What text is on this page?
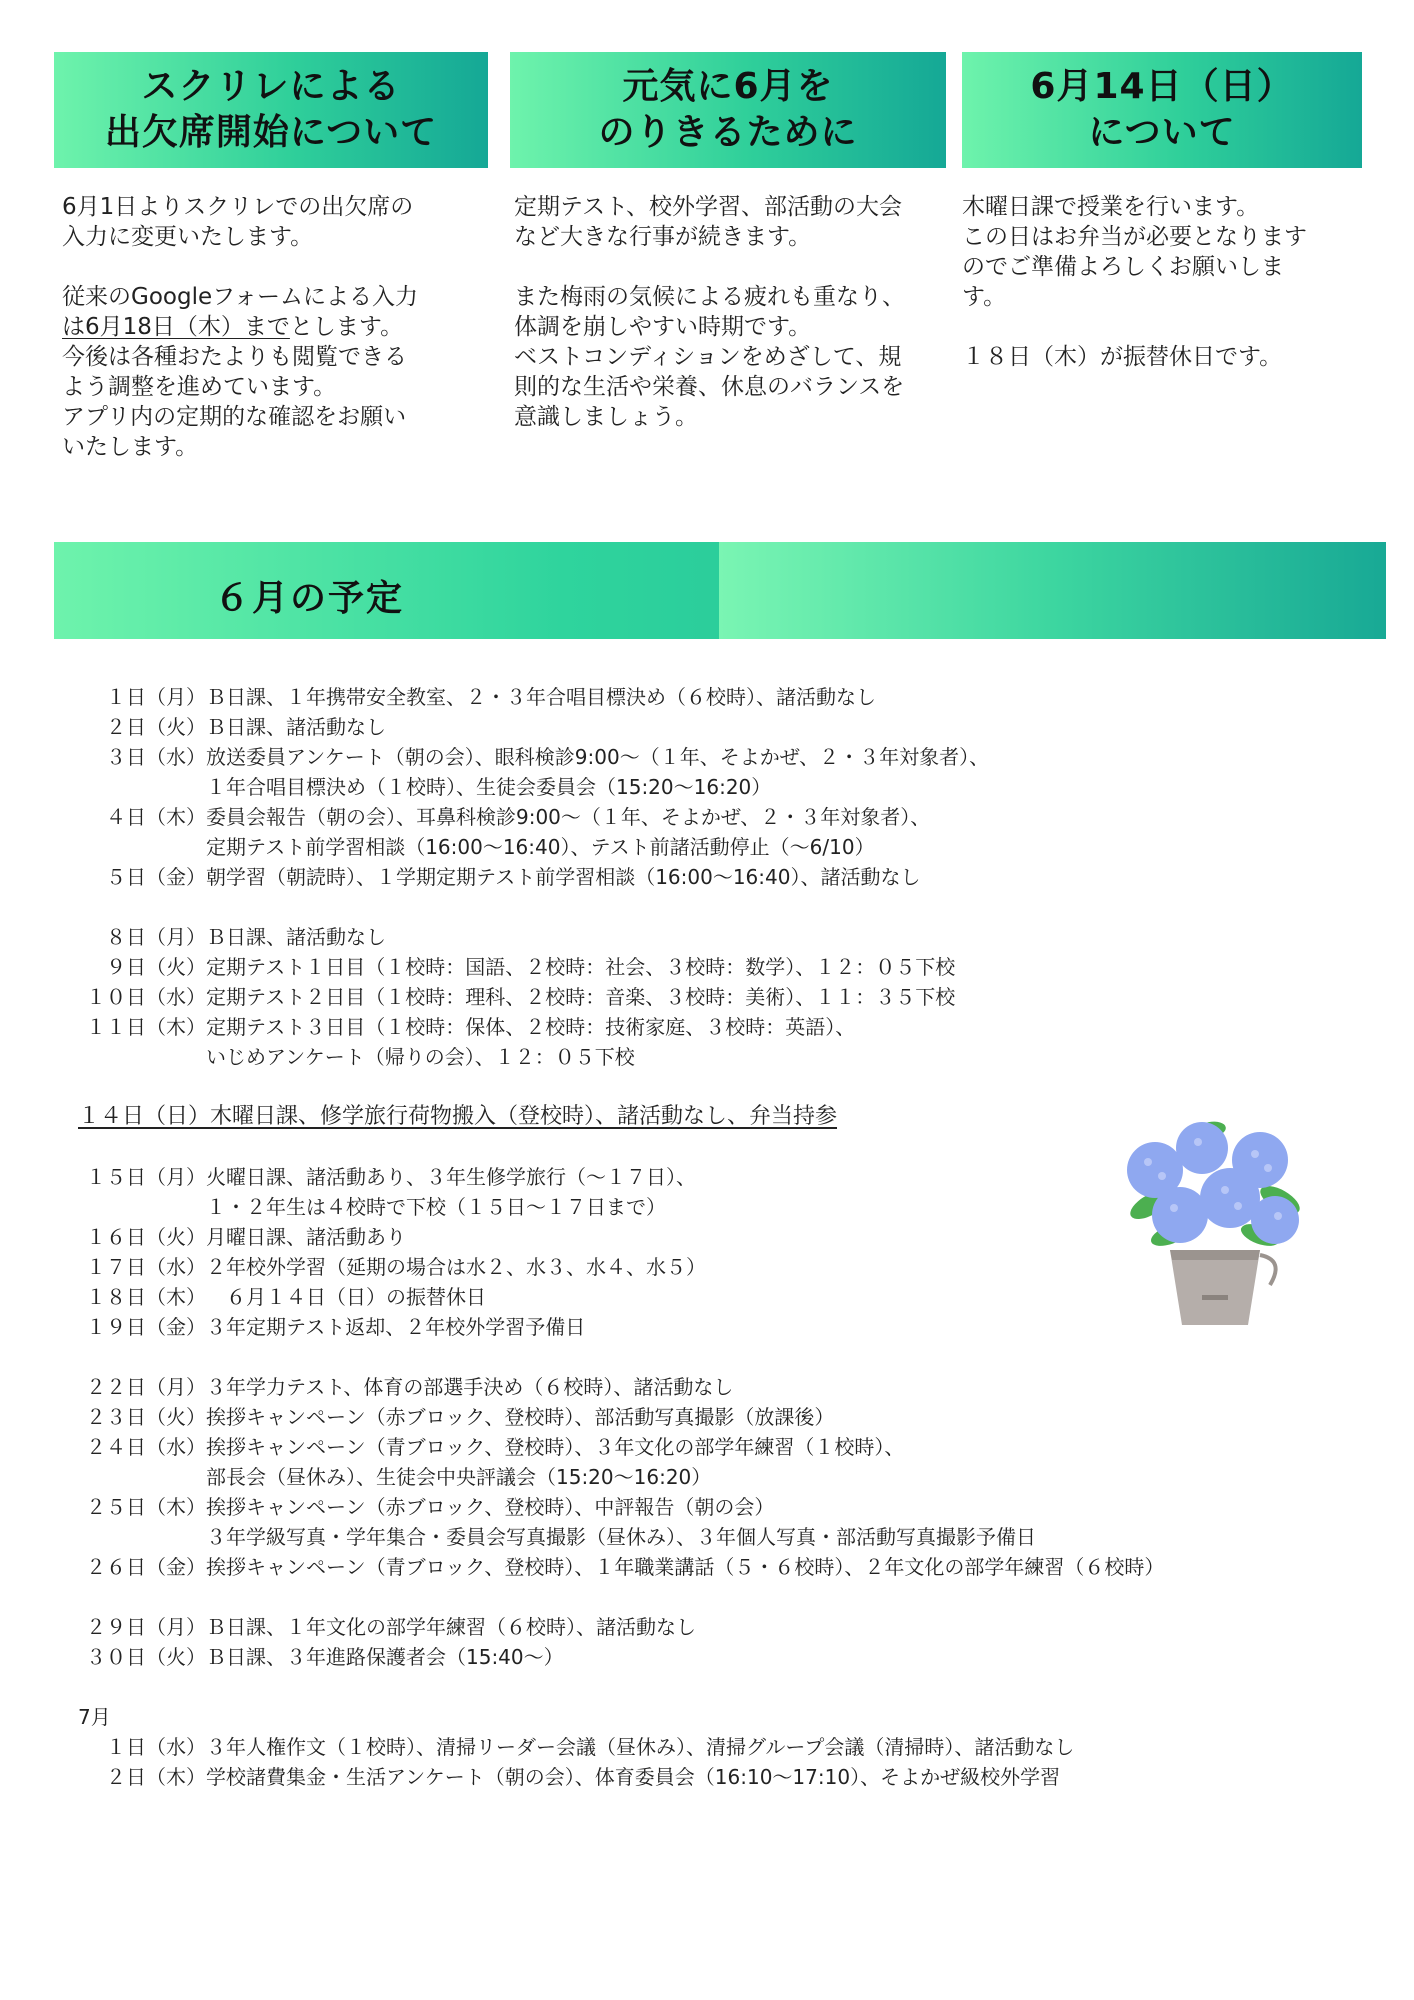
スクリレによる
出欠席開始について
元気に6月を
のりきるために
6月14日（日）
について

6月1日よりスクリレでの出欠席の
入力に変更いたします。

従来のGoogleフォームによる入力
は6月18日（木）までとします。
今後は各種おたよりも閲覧できる
よう調整を進めています。
アプリ内の定期的な確認をお願い
いたします。

定期テスト、校外学習、部活動の大会
など大きな行事が続きます。

また梅雨の気候による疲れも重なり、
体調を崩しやすい時期です。
ベストコンディションをめざして、規
則的な生活や栄養、休息のバランスを
意識しましょう。

木曜日課で授業を行います。
この日はお弁当が必要となります
のでご準備よろしくお願いしま
す。

１８日（木）が振替休日です。

６月の予定
１日（月） Ｂ日課、１年携帯安全教室、２・３年合唱目標決め（６校時）、諸活動なし
２日（火） Ｂ日課、諸活動なし
３日（水） 放送委員アンケート（朝の会）、眼科検診9:00～（１年、そよかぜ、２・３年対象者）、
１年合唱目標決め（１校時）、生徒会委員会（15:20～16:20）
４日（木） 委員会報告（朝の会）、耳鼻科検診9:00～（１年、そよかぜ、２・３年対象者）、
定期テスト前学習相談（16:00～16:40）、テスト前諸活動停止（～6/10）
５日（金） 朝学習（朝読時）、１学期定期テスト前学習相談（16:00～16:40）、諸活動なし
８日（月） Ｂ日課、諸活動なし
９日（火） 定期テスト１日目（１校時：国語、２校時：社会、３校時：数学）、１２：０５下校
１０日（水） 定期テスト２日目（１校時：理科、２校時：音楽、３校時：美術）、１１：３５下校
１１日（木） 定期テスト３日目（１校時：保体、２校時：技術家庭、３校時：英語）、
いじめアンケート（帰りの会）、１２：０５下校
１４日（日）木曜日課、修学旅行荷物搬入（登校時）、諸活動なし、弁当持参
１５日（月） 火曜日課、諸活動あり、３年生修学旅行（～１７日）、
１・２年生は４校時で下校（１５日～１７日まで）
１６日（火） 月曜日課、諸活動あり
１７日（水） ２年校外学習（延期の場合は水２、水３、水４、水５）
１８日（木） 　６月１４日（日）の振替休日
１９日（金） ３年定期テスト返却、２年校外学習予備日
２２日（月） ３年学力テスト、体育の部選手決め（６校時）、諸活動なし
２３日（火） 挨拶キャンペーン（赤ブロック、登校時）、部活動写真撮影（放課後）
２４日（水） 挨拶キャンペーン（青ブロック、登校時）、３年文化の部学年練習（１校時）、
部長会（昼休み）、生徒会中央評議会（15:20～16:20）
２５日（木） 挨拶キャンペーン（赤ブロック、登校時）、中評報告（朝の会）
３年学級写真・学年集合・委員会写真撮影（昼休み）、３年個人写真・部活動写真撮影予備日
２６日（金） 挨拶キャンペーン（青ブロック、登校時）、１年職業講話（５・６校時）、２年文化の部学年練習（６校時）
２９日（月） Ｂ日課、１年文化の部学年練習（６校時）、諸活動なし
３０日（火） Ｂ日課、３年進路保護者会（15:40～）
7月
１日（水） ３年人権作文（１校時）、清掃リーダー会議（昼休み）、清掃グループ会議（清掃時）、諸活動なし
２日（木） 学校諸費集金・生活アンケート（朝の会）、体育委員会（16:10～17:10）、そよかぜ級校外学習
